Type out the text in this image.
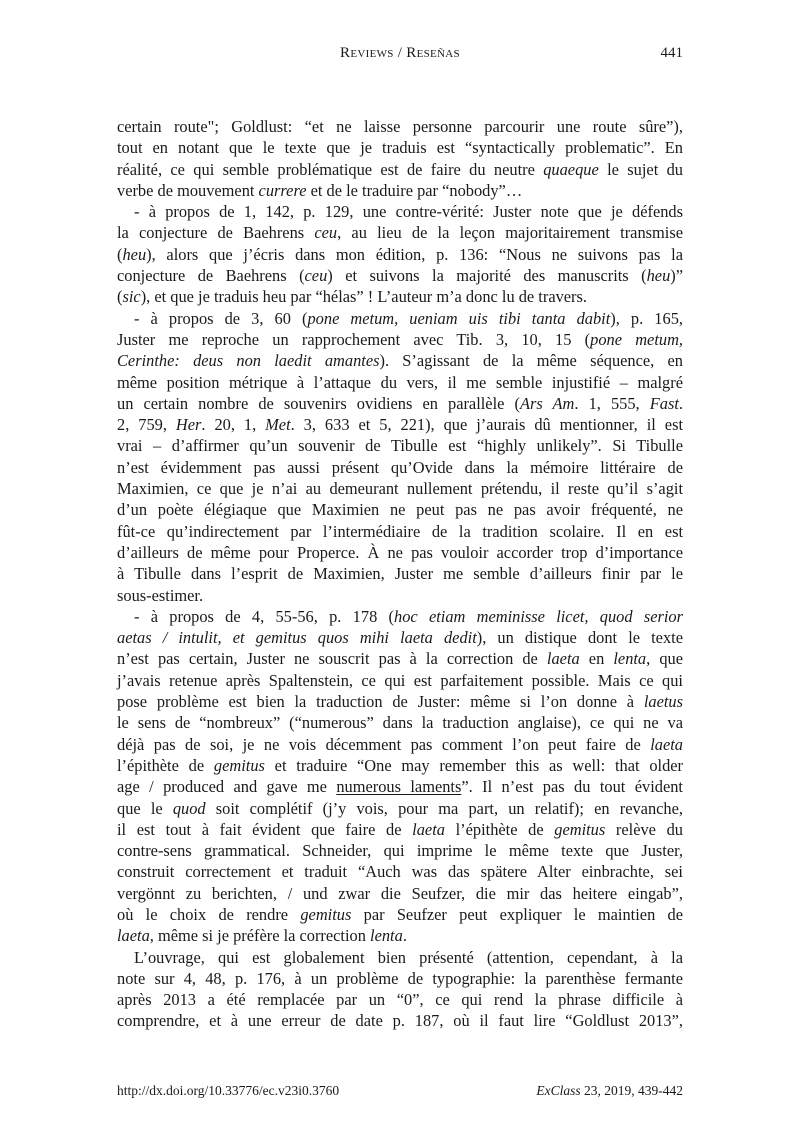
Reviews / Reseñas	441
certain route"; Goldlust: “et ne laisse personne parcourir une route sûre”),
tout en notant que le texte que je traduis est “syntactically problematic”. En
réalité, ce qui semble problématique est de faire du neutre quaeque le sujet du
verbe de mouvement currere et de le traduire par “nobody”…
- à propos de 1, 142, p. 129, une contre-vérité: Juster note que je défends
la conjecture de Baehrens ceu, au lieu de la leçon majoritairement transmise
(heu), alors que j’écris dans mon édition, p. 136: “Nous ne suivons pas la
conjecture de Baehrens (ceu) et suivons la majorité des manuscrits (heu)”
(sic), et que je traduis heu par “hélas” ! L’auteur m’a donc lu de travers.
- à propos de 3, 60 (pone metum, ueniam uis tibi tanta dabit), p. 165,
Juster me reproche un rapprochement avec Tib. 3, 10, 15 (pone metum,
Cerinthe: deus non laedit amantes). S’agissant de la même séquence, en
même position métrique à l’attaque du vers, il me semble injustifié – malgré
un certain nombre de souvenirs ovidiens en parallèle (Ars Am. 1, 555, Fast.
2, 759, Her. 20, 1, Met. 3, 633 et 5, 221), que j’aurais dû mentionner, il est
vrai – d’affirmer qu’un souvenir de Tibulle est “highly unlikely”. Si Tibulle
n’est évidemment pas aussi présent qu’Ovide dans la mémoire littéraire de
Maximien, ce que je n’ai au demeurant nullement prétendu, il reste qu’il s’agit
d’un poète élégiaque que Maximien ne peut pas ne pas avoir fréquenté, ne
fût-ce qu’indirectement par l’intermédiaire de la tradition scolaire. Il en est
d’ailleurs de même pour Properce. À ne pas vouloir accorder trop d’importance
à Tibulle dans l’esprit de Maximien, Juster me semble d’ailleurs finir par le
sous-estimer.
- à propos de 4, 55-56, p. 178 (hoc etiam meminisse licet, quod serior
aetas / intulit, et gemitus quos mihi laeta dedit), un distique dont le texte
n’est pas certain, Juster ne souscrit pas à la correction de laeta en lenta, que
j’avais retenue après Spaltenstein, ce qui est parfaitement possible. Mais ce qui
pose problème est bien la traduction de Juster: même si l’on donne à laetus
le sens de “nombreux” (“numerous” dans la traduction anglaise), ce qui ne va
déjà pas de soi, je ne vois décemment pas comment l’on peut faire de laeta
l’épithète de gemitus et traduire “One may remember this as well: that older
age / produced and gave me numerous laments”. Il n’est pas du tout évident
que le quod soit complétif (j’y vois, pour ma part, un relatif); en revanche,
il est tout à fait évident que faire de laeta l’épithète de gemitus relève du
contre-sens grammatical. Schneider, qui imprime le même texte que Juster,
construit correctement et traduit “Auch was das spätere Alter einbrachte, sei
vergönnt zu berichten, / und zwar die Seufzer, die mir das heitere eingab”,
où le choix de rendre gemitus par Seufzer peut expliquer le maintien de
laeta, même si je préfère la correction lenta.
L’ouvrage, qui est globalement bien présenté (attention, cependant, à la
note sur 4, 48, p. 176, à un problème de typographie: la parenthèse fermante
après 2013 a été remplacée par un “0”, ce qui rend la phrase difficile à
comprendre, et à une erreur de date p. 187, où il faut lire “Goldlust 2013”,
http://dx.doi.org/10.33776/ec.v23i0.3760	ExClass 23, 2019, 439-442
